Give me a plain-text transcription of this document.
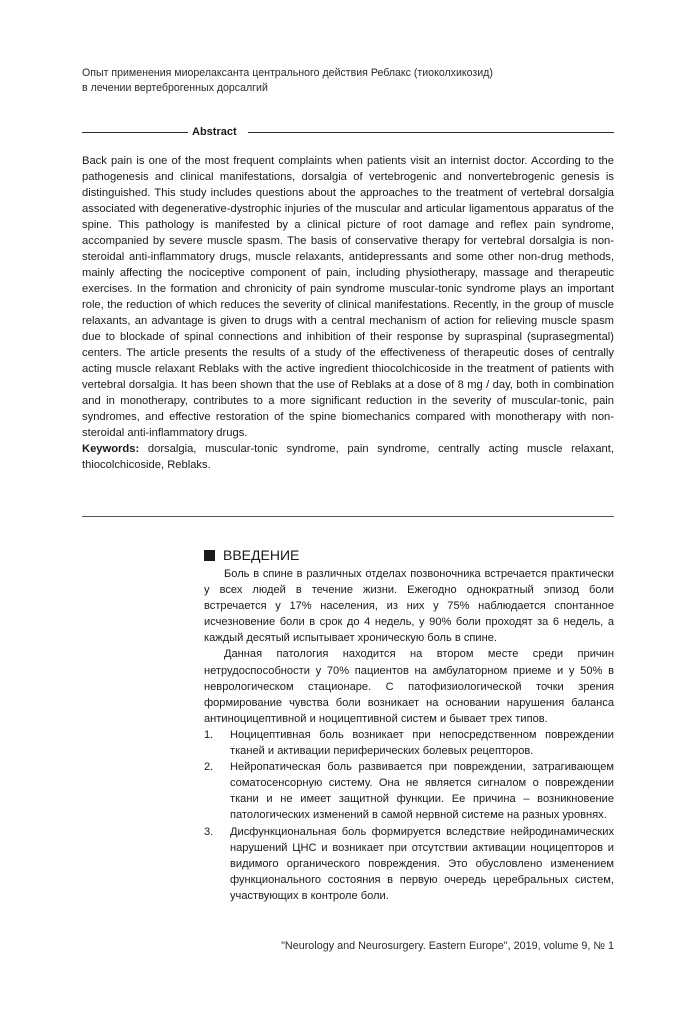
Опыт применения миорелаксанта центрального действия Реблакс (тиоколхикозид)
в лечении вертеброгенных дорсалгий
Abstract

Back pain is one of the most frequent complaints when patients visit an internist doctor. According to the pathogenesis and clinical manifestations, dorsalgia of vertebrogenic and nonvertebrogenic genesis is distinguished. This study includes questions about the approaches to the treatment of vertebral dorsalgia associated with degenerative-dystrophic injuries of the muscular and articular ligamentous apparatus of the spine. This pathology is manifested by a clinical picture of root damage and reflex pain syndrome, accompanied by severe muscle spasm. The basis of conservative therapy for vertebral dorsalgia is non-steroidal anti-inflammatory drugs, muscle relaxants, antidepressants and some other non-drug methods, mainly affecting the nociceptive component of pain, including physiotherapy, massage and therapeutic exercises. In the formation and chronicity of pain syndrome muscular-tonic syndrome plays an important role, the reduction of which reduces the severity of clinical manifestations. Recently, in the group of muscle relaxants, an advantage is given to drugs with a central mechanism of action for relieving muscle spasm due to blockade of spinal connections and inhibition of their response by supraspinal (suprasegmental) centers. The article presents the results of a study of the effectiveness of therapeutic doses of centrally acting muscle relaxant Reblaks with the active ingredient thiocolchicoside in the treatment of patients with vertebral dorsalgia. It has been shown that the use of Reblaks at a dose of 8 mg / day, both in combination and in monotherapy, contributes to a more significant reduction in the severity of muscular-tonic, pain syndromes, and effective restoration of the spine biomechanics compared with monotherapy with non-steroidal anti-inflammatory drugs.

Keywords: dorsalgia, muscular-tonic syndrome, pain syndrome, centrally acting muscle relaxant, thiocolchicoside, Reblaks.

ВВЕДЕНИЕ

Боль в спине в различных отделах позвоночника встречается практически у всех людей в течение жизни. Ежегодно однократный эпизод боли встречается у 17% населения, из них у 75% наблюдается спонтанное исчезновение боли в срок до 4 недель, у 90% боли проходят за 6 недель, а каждый десятый испытывает хроническую боль в спине.

Данная патология находится на втором месте среди причин нетрудоспособности у 70% пациентов на амбулаторном приеме и у 50% в неврологическом стационаре. С патофизиологической точки зрения формирование чувства боли возникает на основании нарушения баланса антиноцицептивной и ноцицептивной систем и бывает трех типов.

1. Ноцицептивная боль возникает при непосредственном повреждении тканей и активации периферических болевых рецепторов.
2. Нейропатическая боль развивается при повреждении, затрагивающем соматосенсорную систему. Она не является сигналом о повреждении ткани и не имеет защитной функции. Ее причина – возникновение патологических изменений в самой нервной системе на разных уровнях.
3. Дисфункциональная боль формируется вследствие нейродинамических нарушений ЦНС и возникает при отсутствии активации ноцицепторов и видимого органического повреждения. Это обусловлено изменением функционального состояния в первую очередь церебральных систем, участвующих в контроле боли.
"Neurology and Neurosurgery. Eastern Europe", 2019, volume 9, № 1
